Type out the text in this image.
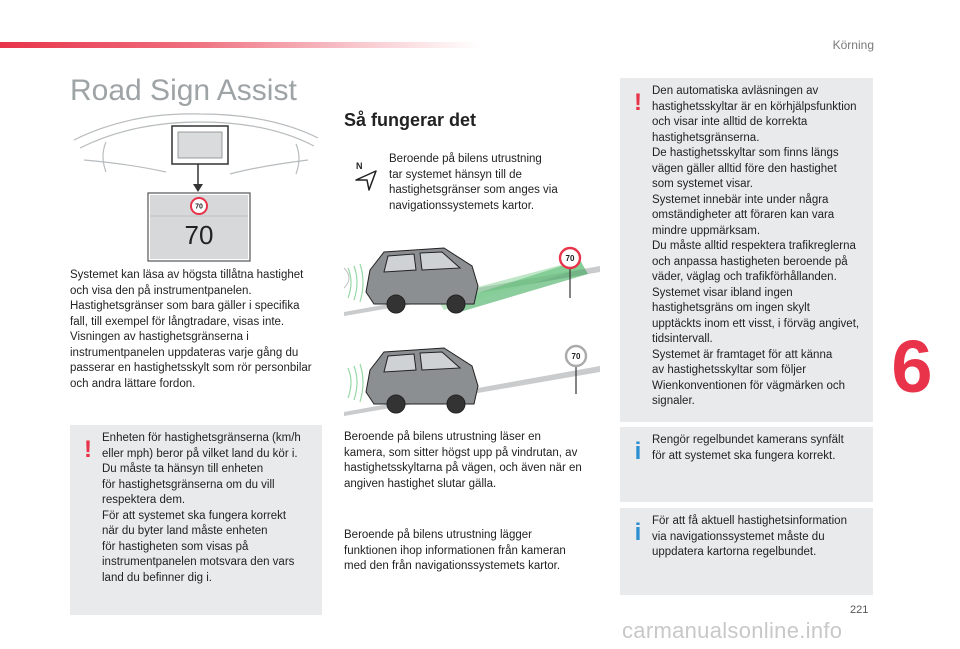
Körning
Road Sign Assist
70
70
Systemet kan läsa av högsta tillåtna hastighet
och visa den på instrumentpanelen.
Hastighetsgränser som bara gäller i specifika
fall, till exempel för långtradare, visas inte.
Visningen av hastighetsgränserna i
instrumentpanelen uppdateras varje gång du
passerar en hastighetsskylt som rör personbilar
och andra lättare fordon.
! Enheten för hastighetsgränserna (km/h
eller mph) beror på vilket land du kör i.
Du måste ta hänsyn till enheten
för hastighetsgränserna om du vill
respektera dem.
För att systemet ska fungera korrekt
när du byter land måste enheten
för hastigheten som visas på
instrumentpanelen motsvara den vars
land du befinner dig i.
Så fungerar det
N
Beroende på bilens utrustning
tar systemet hänsyn till de
hastighetsgränser som anges via
navigationssystemets kartor.
70
70
Beroende på bilens utrustning läser en
kamera, som sitter högst upp på vindrutan, av
hastighetsskyltarna på vägen, och även när en
angiven hastighet slutar gälla.
Beroende på bilens utrustning lägger
funktionen ihop informationen från kameran
med den från navigationssystemets kartor.
! Den automatiska avläsningen av
hastighetsskyltar är en körhjälpsfunktion
och visar inte alltid de korrekta
hastighetsgränserna.
De hastighetsskyltar som finns längs
vägen gäller alltid före den hastighet
som systemet visar.
Systemet innebär inte under några
omständigheter att föraren kan vara
mindre uppmärksam.
Du måste alltid respektera trafikreglerna
och anpassa hastigheten beroende på
väder, väglag och trafikförhållanden.
Systemet visar ibland ingen
hastighetsgräns om ingen skylt
upptäckts inom ett visst, i förväg angivet,
tidsintervall.
Systemet är framtaget för att känna
av hastighetsskyltar som följer
Wienkonventionen för vägmärken och
signaler.
i Rengör regelbundet kamerans synfält
för att systemet ska fungera korrekt.
i För att få aktuell hastighetsinformation
via navigationssystemet måste du
uppdatera kartorna regelbundet.
6
221
carmanualsonline.info
